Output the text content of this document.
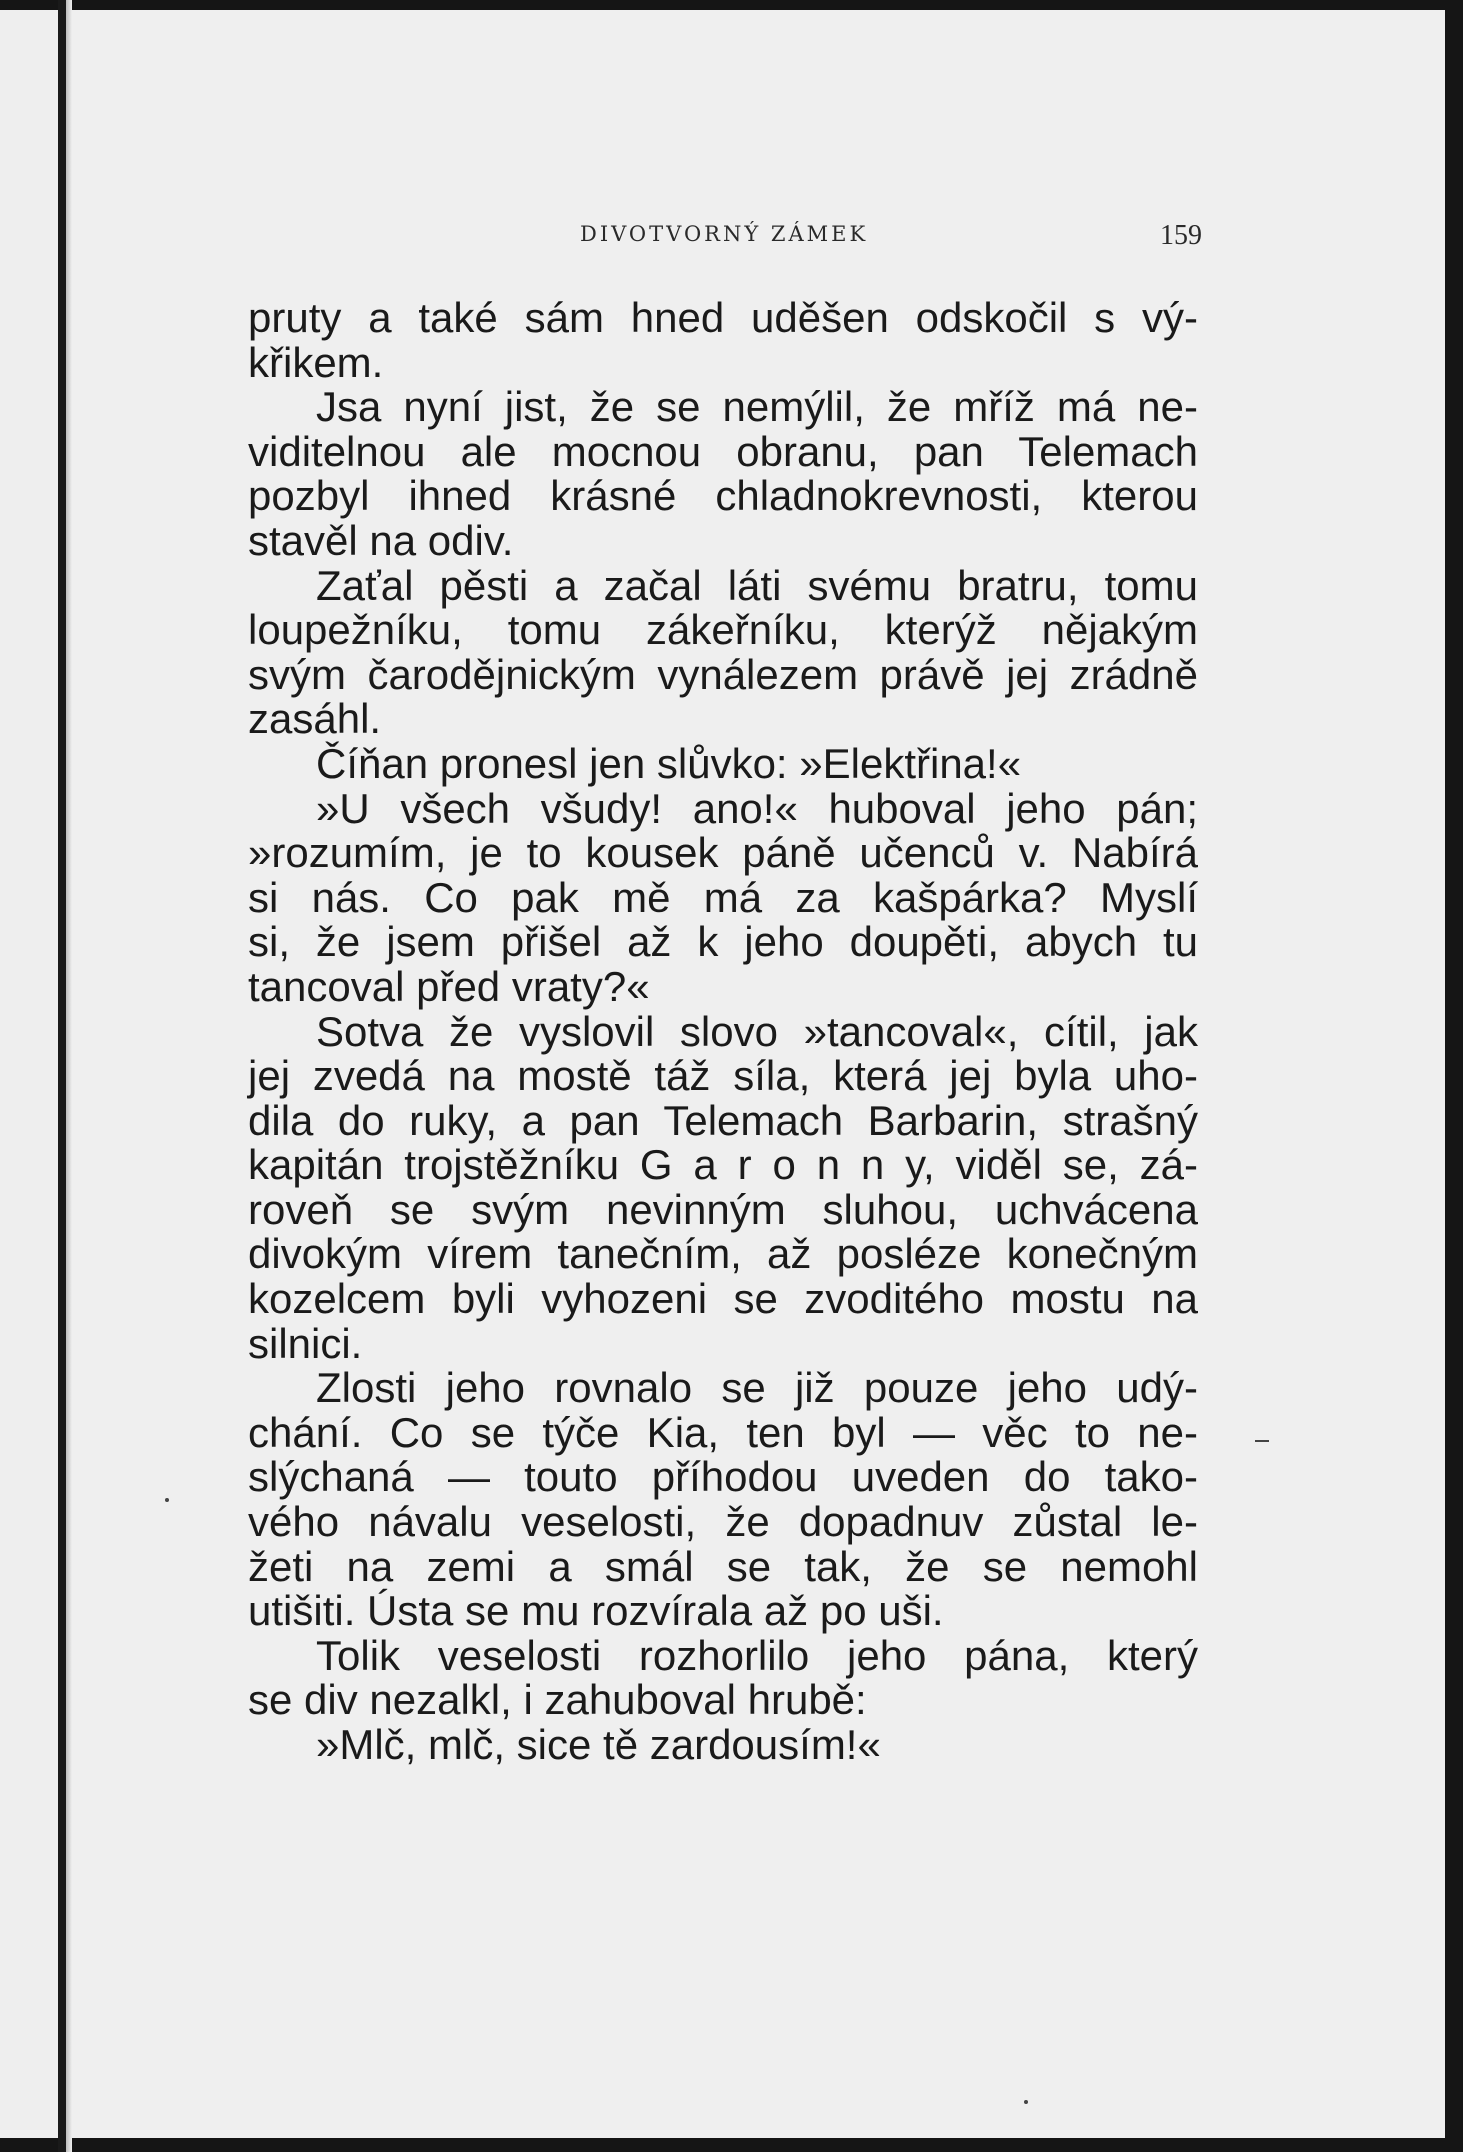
DIVOTVORNÝ ZÁMEK	159
pruty a také sám hned uděšen odskočil s vý-
křikem.
Jsa nyní jist, že se nemýlil, že mříž má ne-
viditelnou ale mocnou obranu, pan Telemach
pozbyl ihned krásné chladnokrevnosti, kterou
stavěl na odiv.
Zaťal pěsti a začal láti svému bratru, tomu
loupežníku, tomu zákeřníku, kterýž nějakým
svým čarodějnickým vynálezem právě jej zrádně
zasáhl.
Číňan pronesl jen slůvko: »Elektřina!«
»U všech všudy! ano!« huboval jeho pán;
»rozumím, je to kousek páně učenců v. Nabírá
si nás. Co pak mě má za kašpárka? Myslí
si, že jsem přišel až k jeho doupěti, abych tu
tancoval před vraty?«
Sotva že vyslovil slovo »tancoval«, cítil, jak
jej zvedá na mostě táž síla, která jej byla uho-
dila do ruky, a pan Telemach Barbarin, strašný
kapitán trojstěžníku G a r o n n y, viděl se, zá-
roveň se svým nevinným sluhou, uchvácena
divokým vírem tanečním, až posléze konečným
kozelcem byli vyhozeni se zvoditého mostu na
silnici.
Zlosti jeho rovnalo se již pouze jeho udý-
chání. Co se týče Kia, ten byl — věc to ne-
slýchaná — touto příhodou uveden do tako-
vého návalu veselosti, že dopadnuv zůstal le-
žeti na zemi a smál se tak, že se nemohl
utišiti. Ústa se mu rozvírala až po uši.
Tolik veselosti rozhorlilo jeho pána, který
se div nezalkl, i zahuboval hrubě:
»Mlč, mlč, sice tě zardousím!«
